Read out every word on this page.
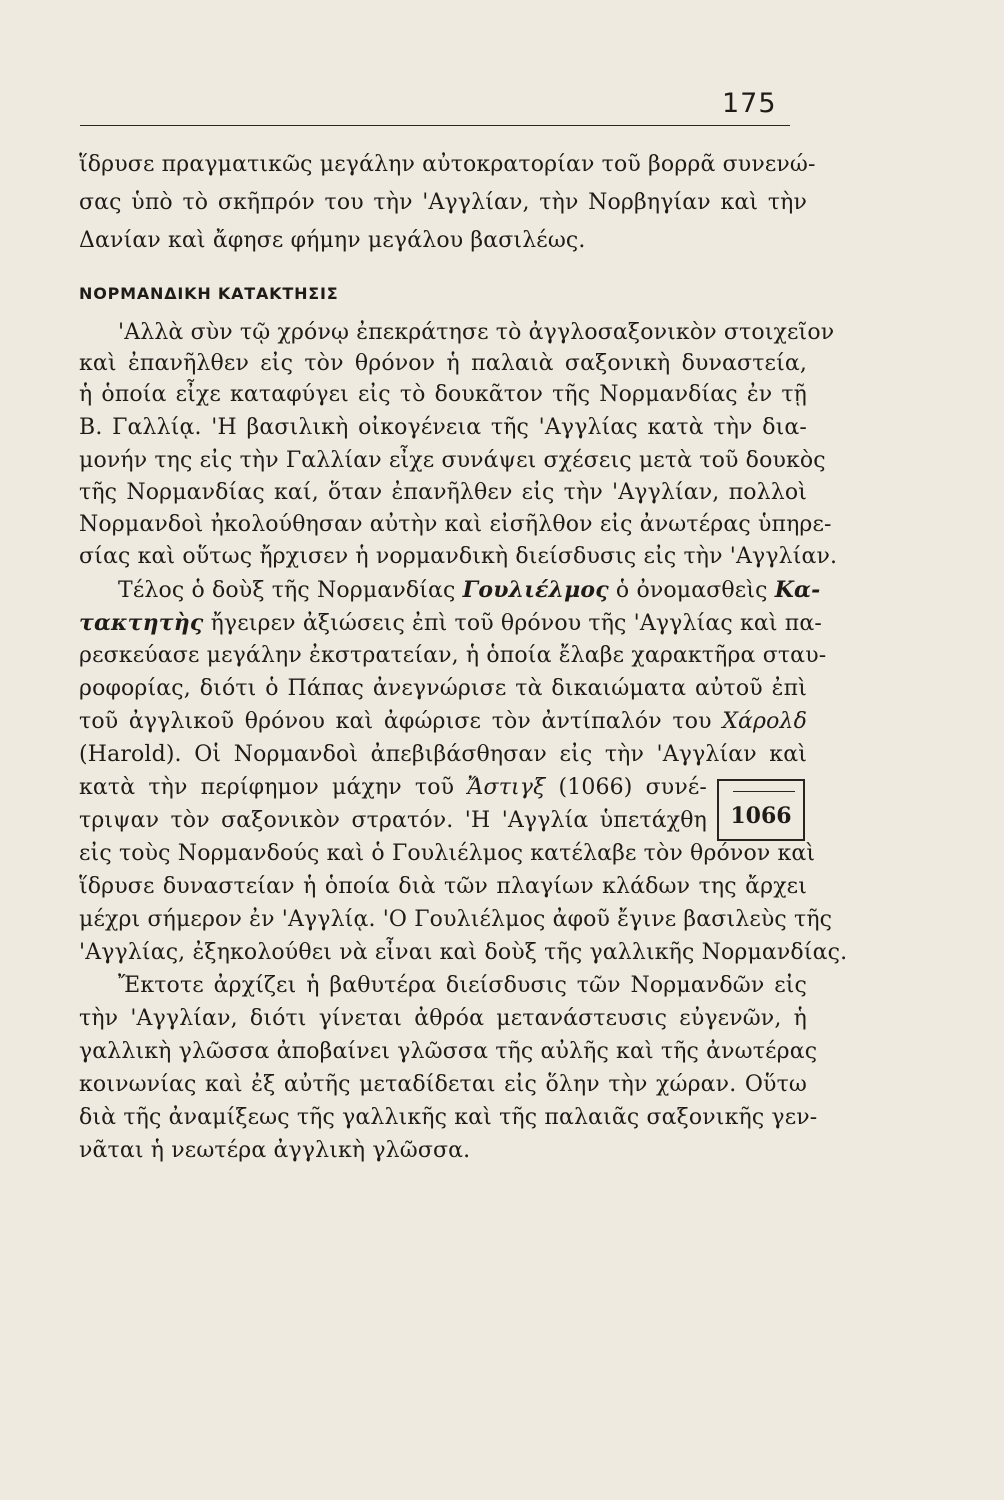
175
ἵδρυσε πραγματικῶς μεγάλην αὐτοκρατορίαν τοῦ βορρᾶ συνενώ-
σας ὑπὸ τὸ σκῆπρόν του τὴν 'Αγγλίαν, τὴν Νορβηγίαν καὶ τὴν
Δανίαν καὶ ἄφησε φήμην μεγάλου βασιλέως.
ΝΟΡΜΑΝΔΙΚΗ ΚΑΤΑΚΤΗΣΙΣ
'Αλλὰ σὺν τῷ χρόνῳ ἐπεκράτησε τὸ ἀγγλοσαξονικὸν στοιχεῖον
καὶ ἐπανῆλθεν εἰς τὸν θρόνον ἡ παλαιὰ σαξονικὴ δυναστεία,
ἡ ὁποία εἶχε καταφύγει εἰς τὸ δουκᾶτον τῆς Νορμανδίας ἐν τῇ
Β. Γαλλίᾳ. 'Η βασιλικὴ οἰκογένεια τῆς 'Αγγλίας κατὰ τὴν δια-
μονήν της εἰς τὴν Γαλλίαν εἶχε συνάψει σχέσεις μετὰ τοῦ δουκὸς
τῆς Νορμανδίας καί, ὅταν ἐπανῆλθεν εἰς τὴν 'Αγγλίαν, πολλοὶ
Νορμανδοὶ ἠκολούθησαν αὐτὴν καὶ εἰσῆλθον εἰς ἀνωτέρας ὑπηρε-
σίας καὶ οὕτως ἤρχισεν ἡ νορμανδικὴ διείσδυσις εἰς τὴν 'Αγγλίαν.
Τέλος ὁ δοὺξ τῆς Νορμανδίας Γουλιέλμος ὁ ὀνομασθεὶς Κα-
τακτητὴς ἤγειρεν ἀξιώσεις ἐπὶ τοῦ θρόνου τῆς 'Αγγλίας καὶ πα-
ρεσκεύασε μεγάλην ἐκστρατείαν, ἡ ὁποία ἔλαβε χαρακτῆρα σταυ-
ροφορίας, διότι ὁ Πάπας ἀνεγνώρισε τὰ δικαιώματα αὐτοῦ ἐπὶ
τοῦ ἀγγλικοῦ θρόνου καὶ ἀφώρισε τὸν ἀντίπαλόν του Χάρολδ
(Harold). Οἱ Νορμανδοὶ ἀπεβιβάσθησαν εἰς τὴν 'Αγγλίαν καὶ
κατὰ τὴν περίφημον μάχην τοῦ Ἄστιγξ (1066) συνέ-
τριψαν τὸν σαξονικὸν στρατόν. 'Η 'Αγγλία ὑπετάχθη
εἰς τοὺς Νορμανδούς καὶ ὁ Γουλιέλμος κατέλαβε τὸν θρόνον καὶ
ἵδρυσε δυναστείαν ἡ ὁποία διὰ τῶν πλαγίων κλάδων της ἄρχει
μέχρι σήμερον ἐν 'Αγγλίᾳ. 'Ο Γουλιέλμος ἀφοῦ ἔγινε βασιλεὺς τῆς
'Αγγλίας, ἐξηκολούθει νὰ εἶναι καὶ δοὺξ τῆς γαλλικῆς Νορμανδίας.
Ἔκτοτε ἀρχίζει ἡ βαθυτέρα διείσδυσις τῶν Νορμανδῶν εἰς
τὴν 'Αγγλίαν, διότι γίνεται ἀθρόα μετανάστευσις εὐγενῶν, ἡ
γαλλικὴ γλῶσσα ἀποβαίνει γλῶσσα τῆς αὐλῆς καὶ τῆς ἀνωτέρας
κοινωνίας καὶ ἐξ αὐτῆς μεταδίδεται εἰς ὅλην τὴν χώραν. Οὕτω
διὰ τῆς ἀναμίξεως τῆς γαλλικῆς καὶ τῆς παλαιᾶς σαξονικῆς γεν-
νᾶται ἡ νεωτέρα ἀγγλικὴ γλῶσσα.
1066
